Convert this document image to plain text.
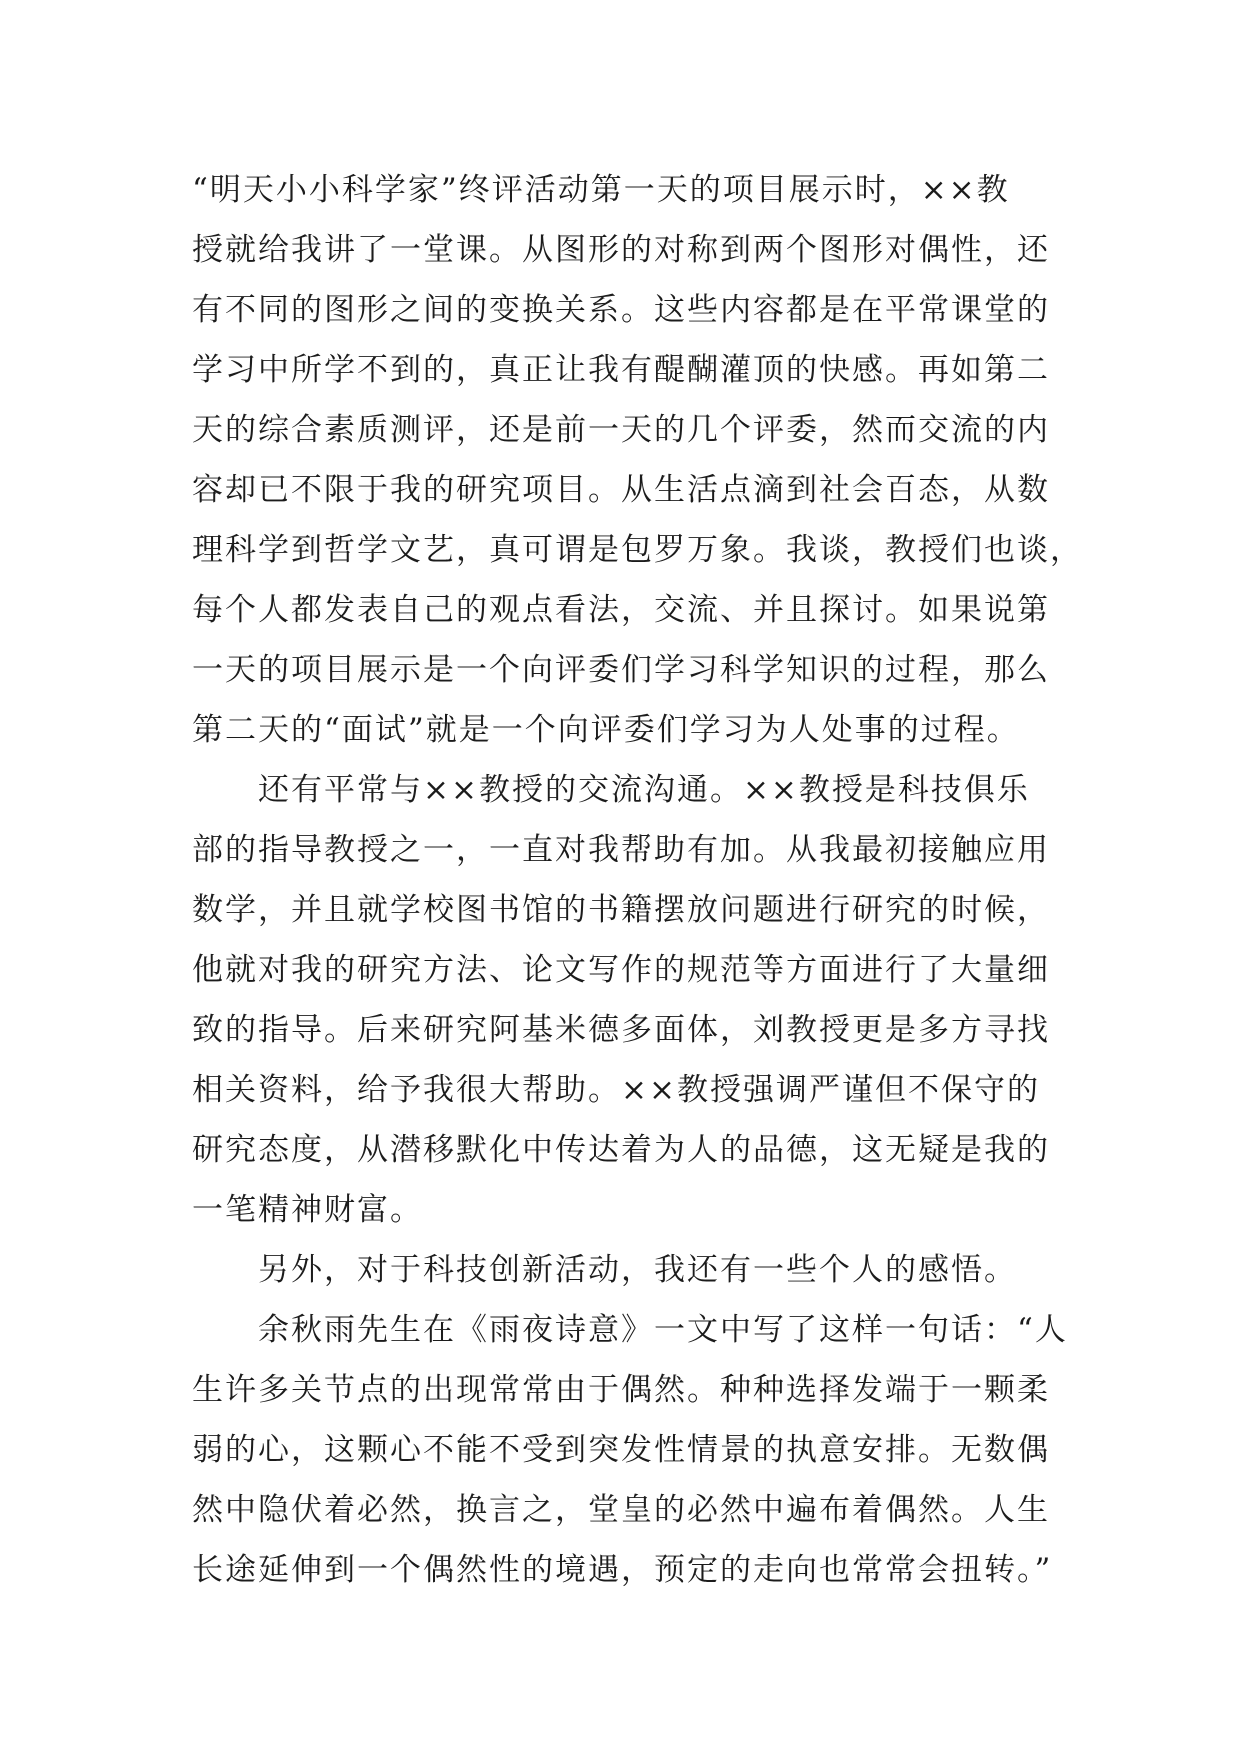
“明天小小科学家”终评活动第一天的项目展示时，××教
授就给我讲了一堂课。从图形的对称到两个图形对偶性，还
有不同的图形之间的变换关系。这些内容都是在平常课堂的
学习中所学不到的，真正让我有醍醐灌顶的快感。再如第二
天的综合素质测评，还是前一天的几个评委，然而交流的内
容却已不限于我的研究项目。从生活点滴到社会百态，从数
理科学到哲学文艺，真可谓是包罗万象。我谈，教授们也谈，
每个人都发表自己的观点看法，交流、并且探讨。如果说第
一天的项目展示是一个向评委们学习科学知识的过程，那么
第二天的“面试”就是一个向评委们学习为人处事的过程。
还有平常与××教授的交流沟通。××教授是科技俱乐
部的指导教授之一，一直对我帮助有加。从我最初接触应用
数学，并且就学校图书馆的书籍摆放问题进行研究的时候，
他就对我的研究方法、论文写作的规范等方面进行了大量细
致的指导。后来研究阿基米德多面体，刘教授更是多方寻找
相关资料，给予我很大帮助。××教授强调严谨但不保守的
研究态度，从潜移默化中传达着为人的品德，这无疑是我的
一笔精神财富。
另外，对于科技创新活动，我还有一些个人的感悟。
余秋雨先生在《雨夜诗意》一文中写了这样一句话：“人
生许多关节点的出现常常由于偶然。种种选择发端于一颗柔
弱的心，这颗心不能不受到突发性情景的执意安排。无数偶
然中隐伏着必然，换言之，堂皇的必然中遍布着偶然。人生
长途延伸到一个偶然性的境遇，预定的走向也常常会扭转。”
